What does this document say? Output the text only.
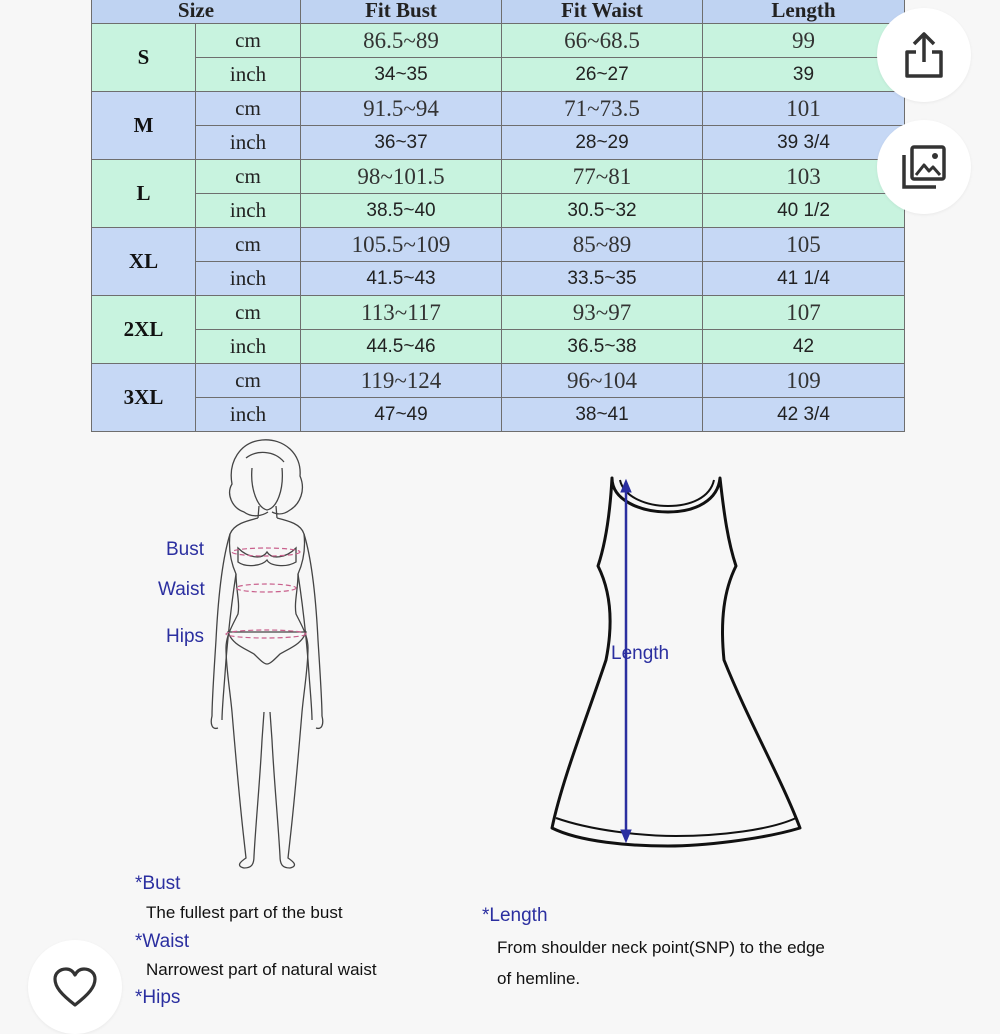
Size		Fit Bust	Fit Waist	Length
S	cm	86.5~89	66~68.5	99
	inch	34~35	26~27	39
M	cm	91.5~94	71~73.5	101
	inch	36~37	28~29	39 3/4
L	cm	98~101.5	77~81	103
	inch	38.5~40	30.5~32	40 1/2
XL	cm	105.5~109	85~89	105
	inch	41.5~43	33.5~35	41 1/4
2XL	cm	113~117	93~97	107
	inch	44.5~46	36.5~38	42
3XL	cm	119~124	96~104	109
	inch	47~49	38~41	42 3/4
Bust
Waist
Hips
Length
*Bust
The fullest part of the bust
*Waist
Narrowest part of natural waist
*Hips
*Length
From shoulder neck point(SNP) to the edge
of hemline.
